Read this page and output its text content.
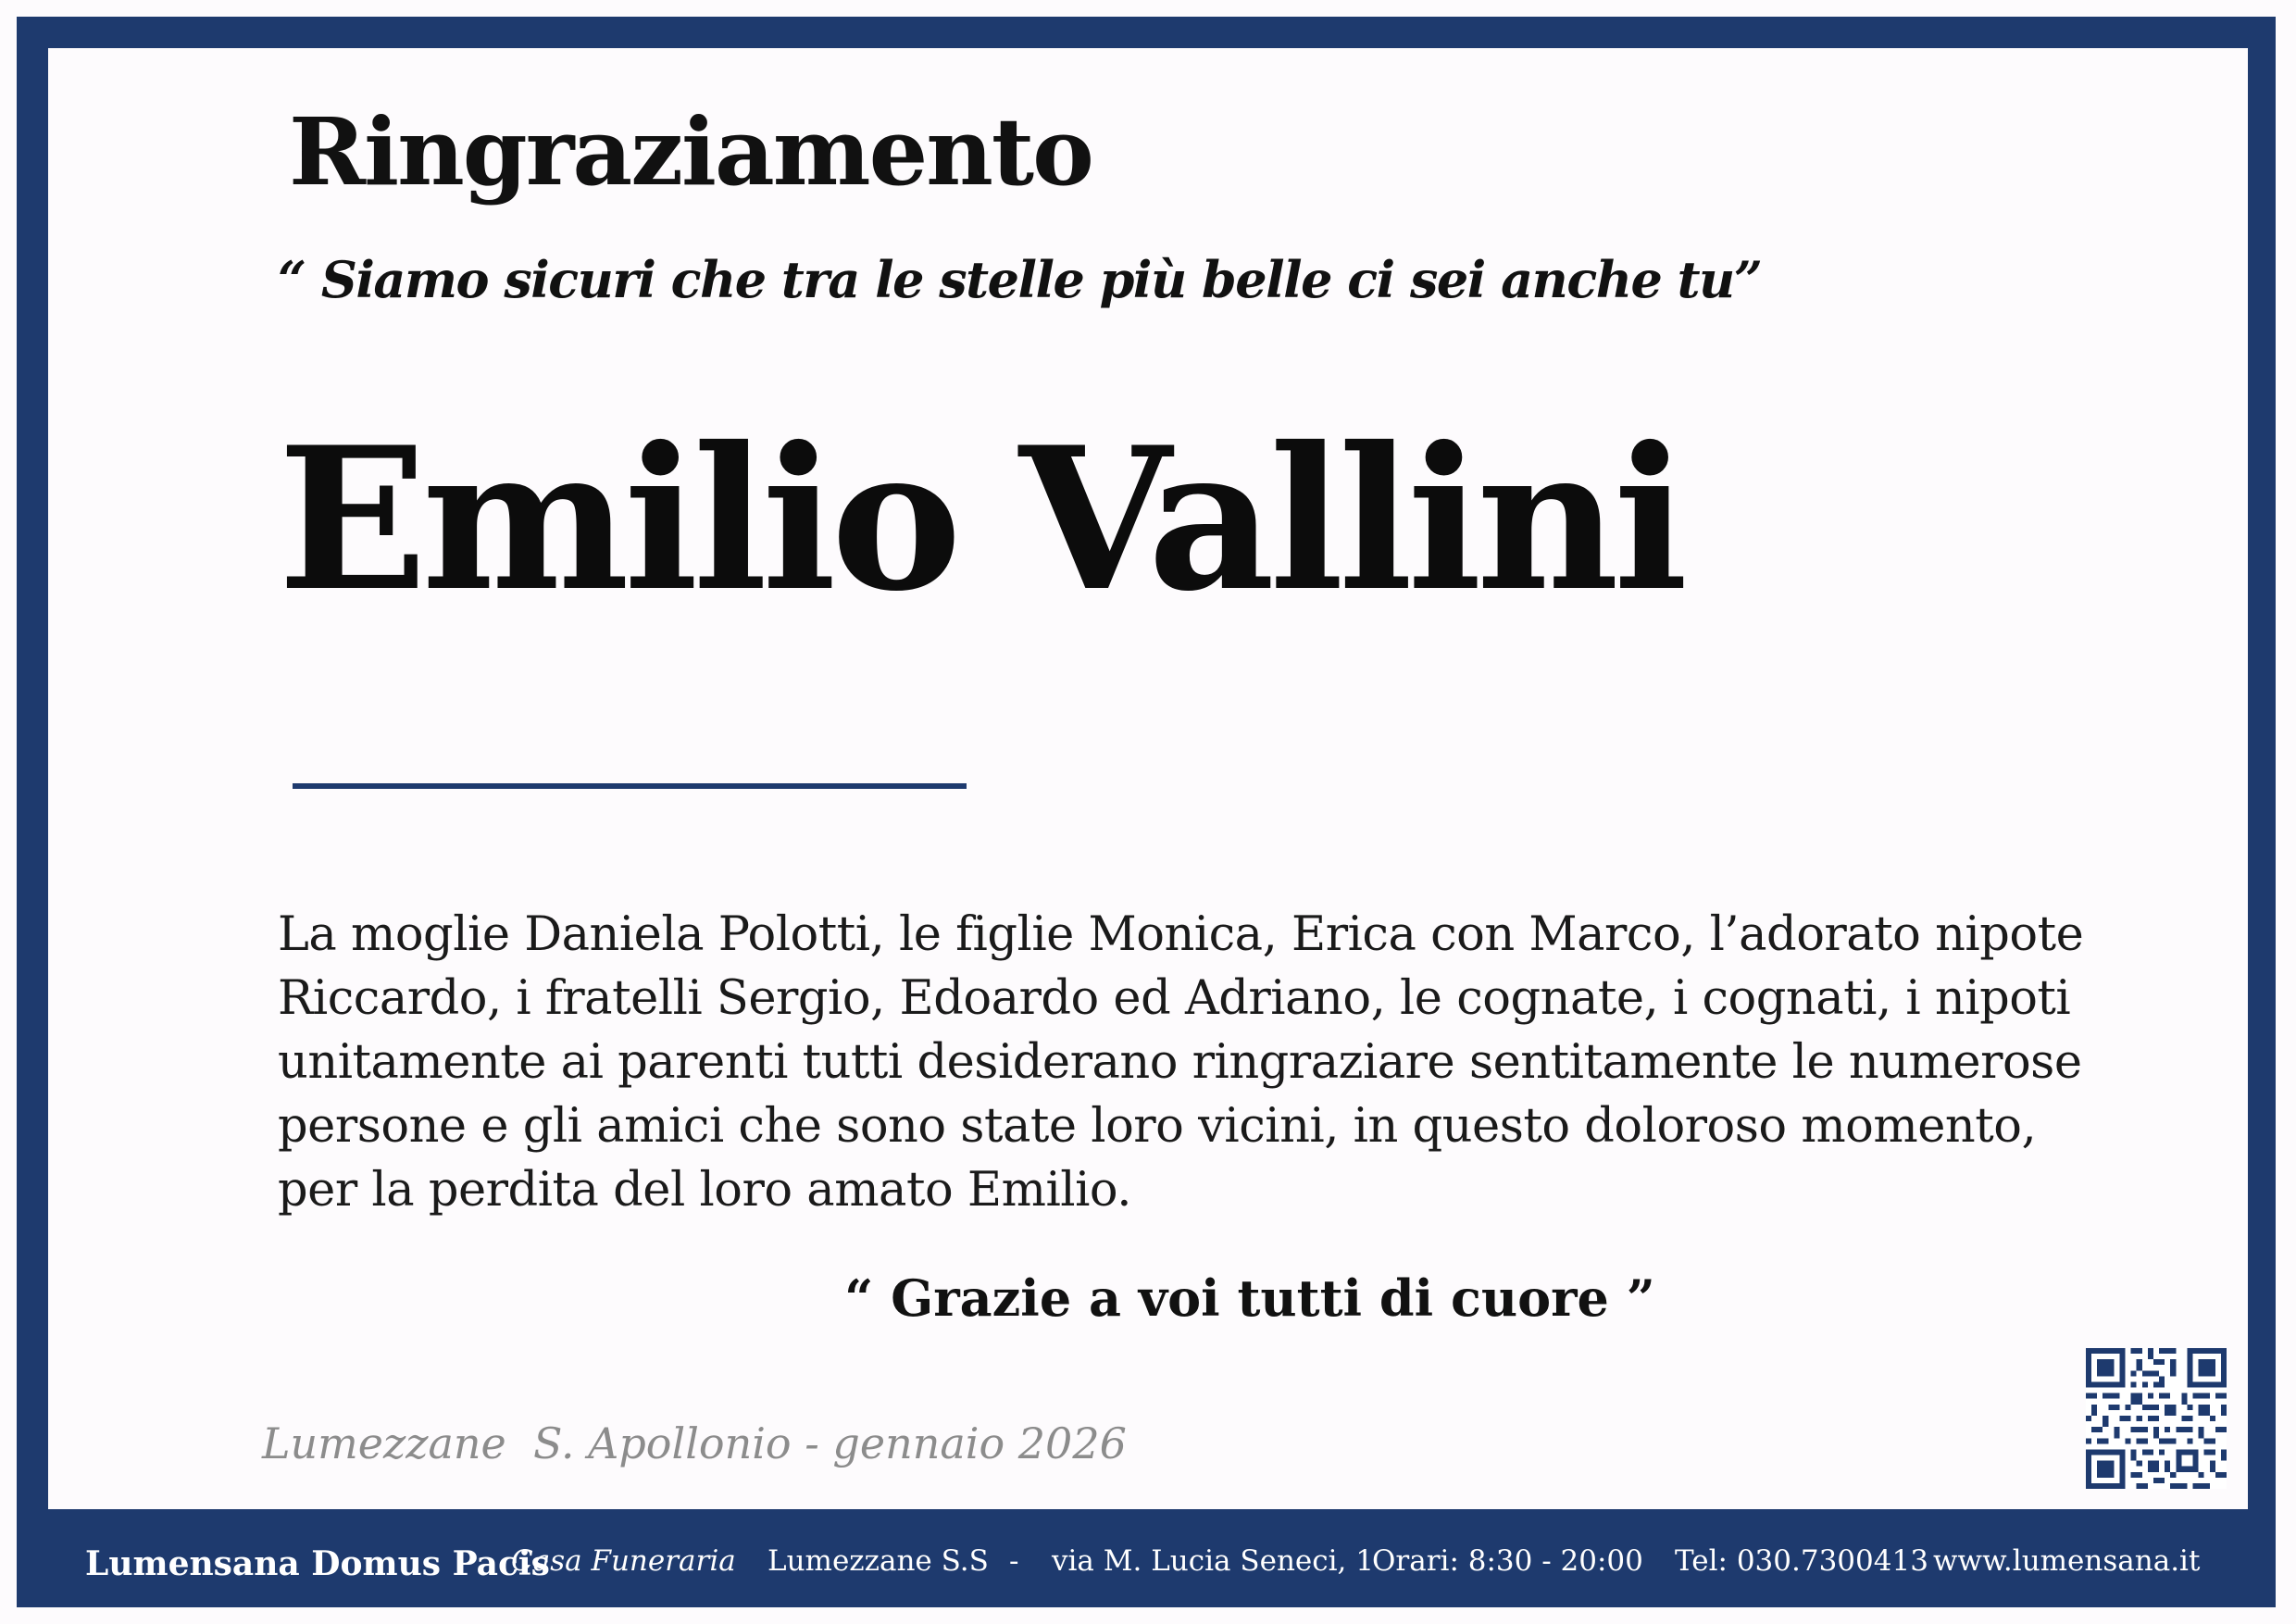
Ringraziamento
“ Siamo sicuri che tra le stelle più belle ci sei anche tu”
Emilio Vallini
La moglie Daniela Polotti, le figlie Monica, Erica con Marco, l’adorato nipote
Riccardo, i fratelli Sergio, Edoardo ed Adriano, le cognate, i cognati, i nipoti
unitamente ai parenti tutti desiderano ringraziare sentitamente le numerose
persone e gli amici che sono state loro vicini, in questo doloroso momento,
per la perdita del loro amato Emilio.
“ Grazie a voi tutti di cuore ”
Lumezzane  S. Apollonio - gennaio 2026
Lumensana Domus Pacis
Casa Funeraria Lumezzane S.S - via M. Lucia Seneci, 1
Orari: 8:30 - 20:00 Tel: 030.7300413 www.lumensana.it
